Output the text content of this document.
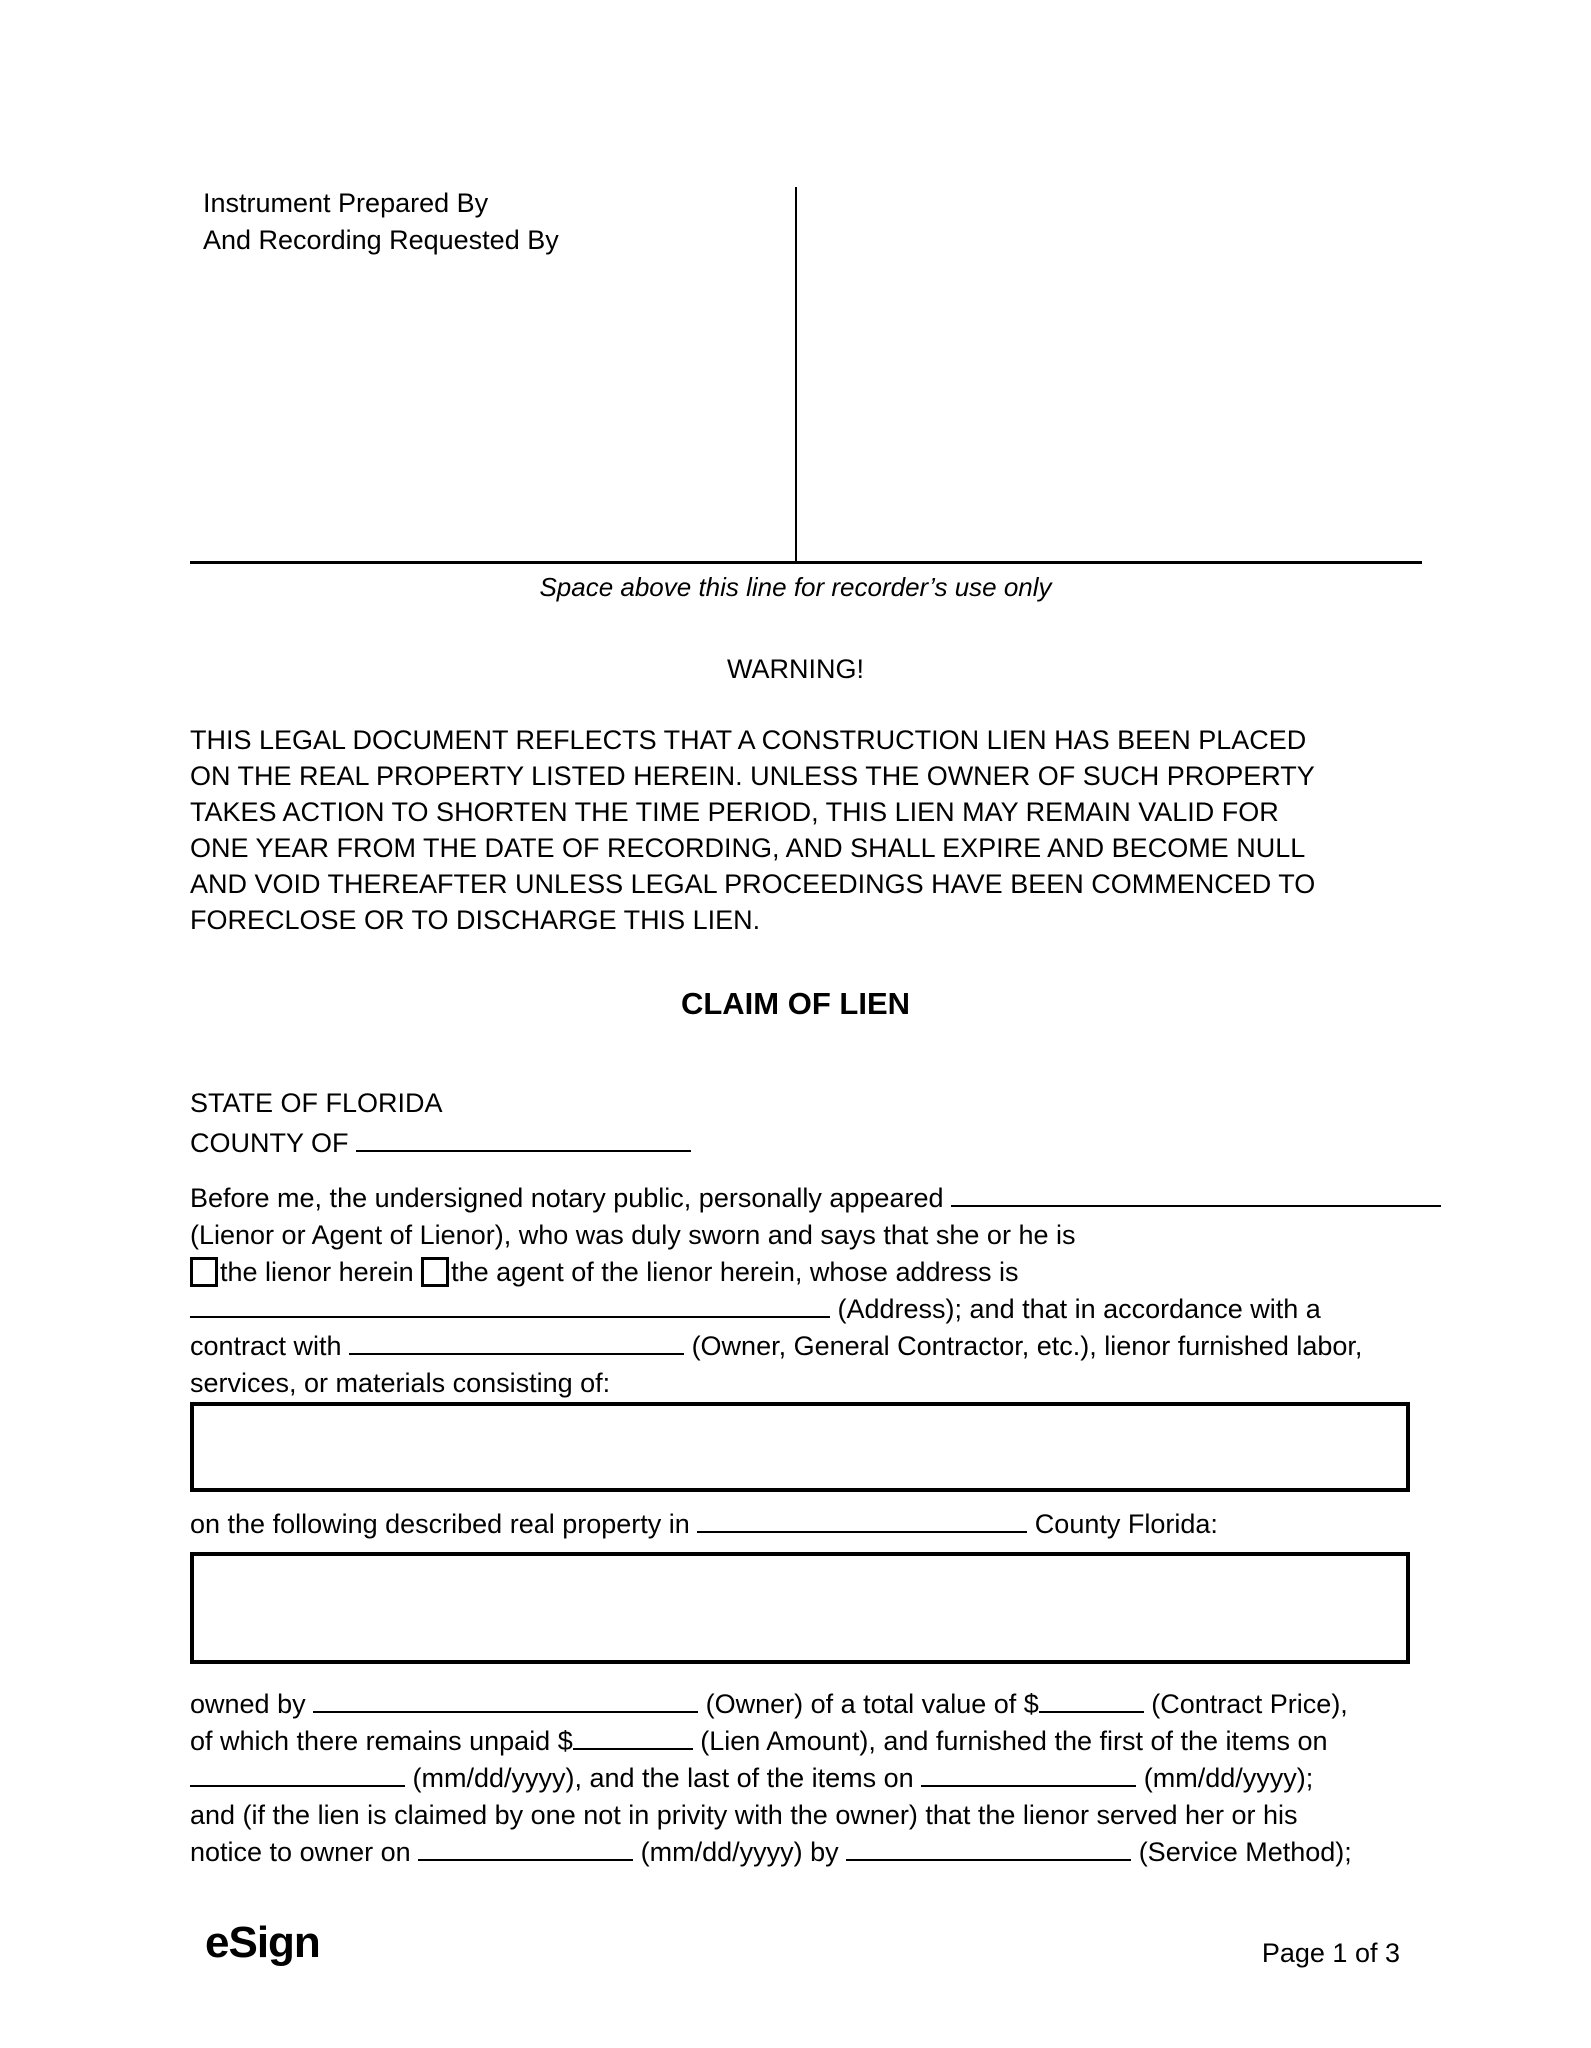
Instrument Prepared By
And Recording Requested By
Space above this line for recorder’s use only
WARNING!
THIS LEGAL DOCUMENT REFLECTS THAT A CONSTRUCTION LIEN HAS BEEN PLACED
ON THE REAL PROPERTY LISTED HEREIN. UNLESS THE OWNER OF SUCH PROPERTY
TAKES ACTION TO SHORTEN THE TIME PERIOD, THIS LIEN MAY REMAIN VALID FOR
ONE YEAR FROM THE DATE OF RECORDING, AND SHALL EXPIRE AND BECOME NULL
AND VOID THEREAFTER UNLESS LEGAL PROCEEDINGS HAVE BEEN COMMENCED TO
FORECLOSE OR TO DISCHARGE THIS LIEN.
CLAIM OF LIEN
STATE OF FLORIDA
COUNTY OF
Before me, the undersigned notary public, personally appeared
(Lienor or Agent of Lienor), who was duly sworn and says that she or he is
the lienor herein the agent of the lienor herein, whose address is
(Address); and that in accordance with a
contract with	(Owner, General Contractor, etc.), lienor furnished labor,
services, or materials consisting of:
on the following described real property in	County Florida:
owned by	(Owner) of a total value of $	(Contract Price),
of which there remains unpaid $	(Lien Amount), and furnished the first of the items on
(mm/dd/yyyy), and the last of the items on	(mm/dd/yyyy);
and (if the lien is claimed by one not in privity with the owner) that the lienor served her or his
notice to owner on	(mm/dd/yyyy) by	(Service Method);
eSign	Page 1 of 3
